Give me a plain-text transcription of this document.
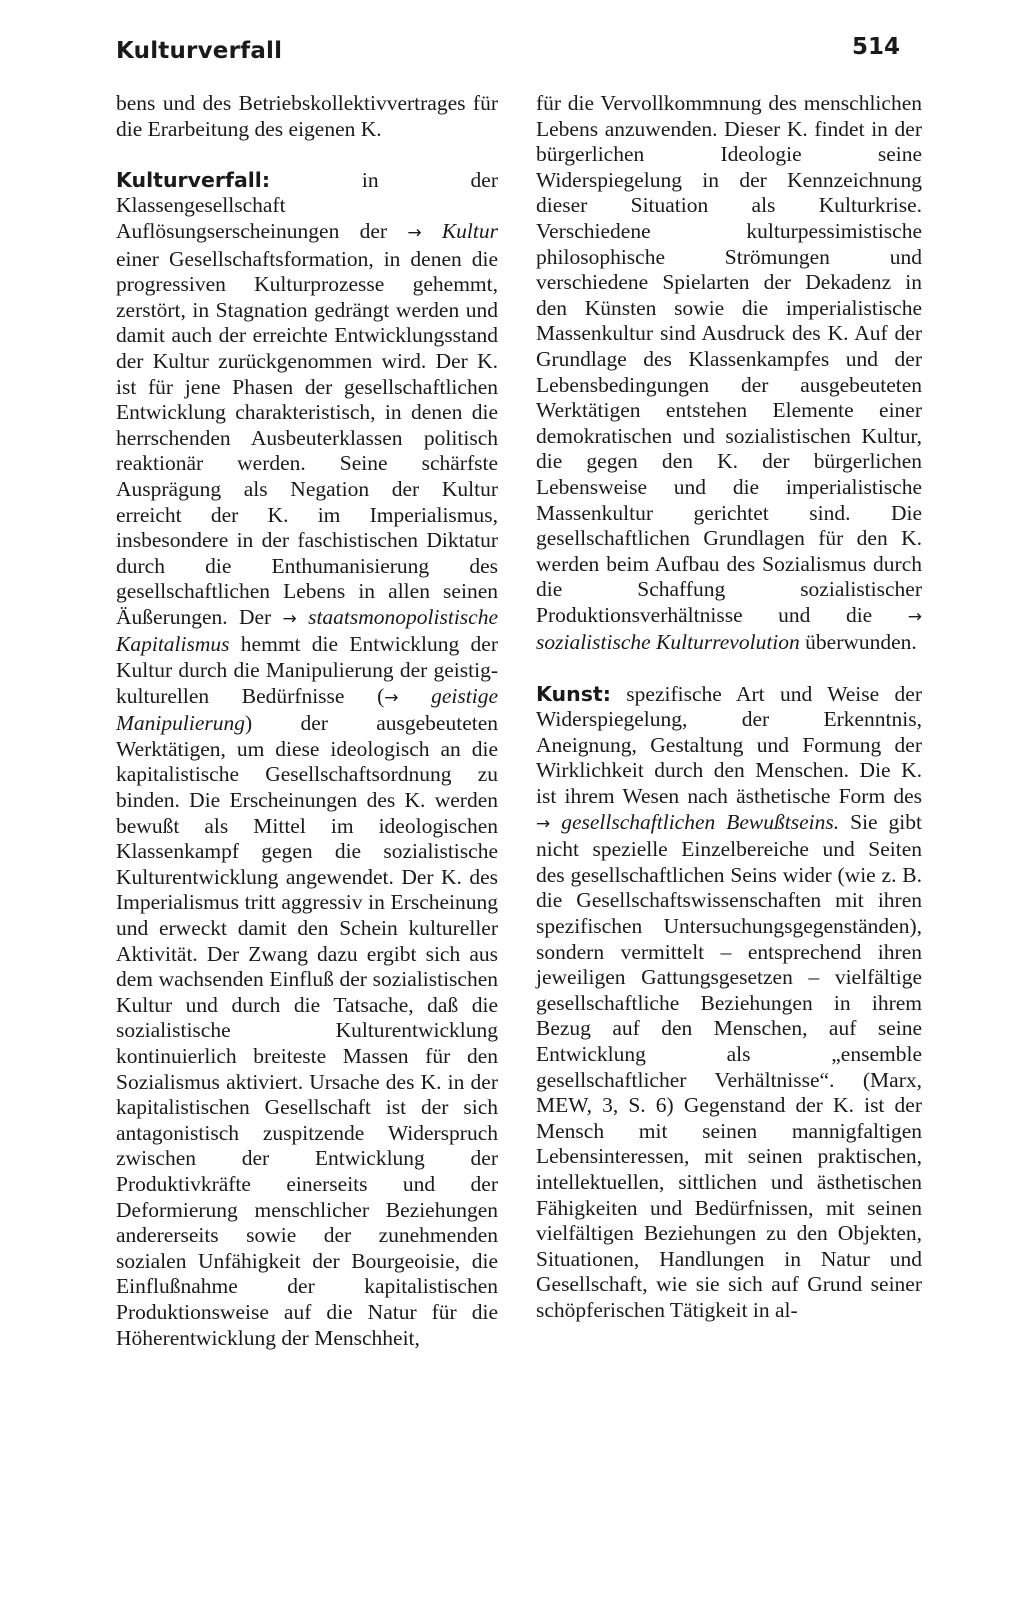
Kulturverfall	514

bens und des Betriebskollektivvertrages für die Erarbeitung des eigenen K.

Kulturverfall: in der Klassengesellschaft Auflösungserscheinungen der → Kultur einer Gesellschaftsformation, in denen die progressiven Kulturprozesse gehemmt, zerstört, in Stagnation gedrängt werden und damit auch der erreichte Entwicklungsstand der Kultur zurückgenommen wird. Der K. ist für jene Phasen der gesellschaftlichen Entwicklung charakteristisch, in denen die herrschenden Ausbeuterklassen politisch reaktionär werden. Seine schärfste Ausprägung als Negation der Kultur erreicht der K. im Imperialismus, insbesondere in der faschistischen Diktatur durch die Enthumanisierung des gesellschaftlichen Lebens in allen seinen Äußerungen. Der → staatsmonopolistische Kapitalismus hemmt die Entwicklung der Kultur durch die Manipulierung der geistig-kulturellen Bedürfnisse (→ geistige Manipulierung) der ausgebeuteten Werktätigen, um diese ideologisch an die kapitalistische Gesellschaftsordnung zu binden. Die Erscheinungen des K. werden bewußt als Mittel im ideologischen Klassenkampf gegen die sozialistische Kulturentwicklung angewendet. Der K. des Imperialismus tritt aggressiv in Erscheinung und erweckt damit den Schein kultureller Aktivität. Der Zwang dazu ergibt sich aus dem wachsenden Einfluß der sozialistischen Kultur und durch die Tatsache, daß die sozialistische Kulturentwicklung kontinuierlich breiteste Massen für den Sozialismus aktiviert. Ursache des K. in der kapitalistischen Gesellschaft ist der sich antagonistisch zuspitzende Widerspruch zwischen der Entwicklung der Produktivkräfte einerseits und der Deformierung menschlicher Beziehungen andererseits sowie der zunehmenden sozialen Unfähigkeit der Bourgeoisie, die Einflußnahme der kapitalistischen Produktionsweise auf die Natur für die Höherentwicklung der Menschheit,

für die Vervollkommnung des menschlichen Lebens anzuwenden. Dieser K. findet in der bürgerlichen Ideologie seine Widerspiegelung in der Kennzeichnung dieser Situation als Kulturkrise. Verschiedene kulturpessimistische philosophische Strömungen und verschiedene Spielarten der Dekadenz in den Künsten sowie die imperialistische Massenkultur sind Ausdruck des K. Auf der Grundlage des Klassenkampfes und der Lebensbedingungen der ausgebeuteten Werktätigen entstehen Elemente einer demokratischen und sozialistischen Kultur, die gegen den K. der bürgerlichen Lebensweise und die imperialistische Massenkultur gerichtet sind. Die gesellschaftlichen Grundlagen für den K. werden beim Aufbau des Sozialismus durch die Schaffung sozialistischer Produktionsverhältnisse und die → sozialistische Kulturrevolution überwunden.

Kunst: spezifische Art und Weise der Widerspiegelung, der Erkenntnis, Aneignung, Gestaltung und Formung der Wirklichkeit durch den Menschen. Die K. ist ihrem Wesen nach ästhetische Form des → gesellschaftlichen Bewußtseins. Sie gibt nicht spezielle Einzelbereiche und Seiten des gesellschaftlichen Seins wider (wie z. B. die Gesellschaftswissenschaften mit ihren spezifischen Untersuchungsgegenständen), sondern vermittelt – entsprechend ihren jeweiligen Gattungsgesetzen – vielfältige gesellschaftliche Beziehungen in ihrem Bezug auf den Menschen, auf seine Entwicklung als „ensemble gesellschaftlicher Verhältnisse“. (Marx, MEW, 3, S. 6) Gegenstand der K. ist der Mensch mit seinen mannigfaltigen Lebensinteressen, mit seinen praktischen, intellektuellen, sittlichen und ästhetischen Fähigkeiten und Bedürfnissen, mit seinen vielfältigen Beziehungen zu den Objekten, Situationen, Handlungen in Natur und Gesellschaft, wie sie sich auf Grund seiner schöpferischen Tätigkeit in al-
